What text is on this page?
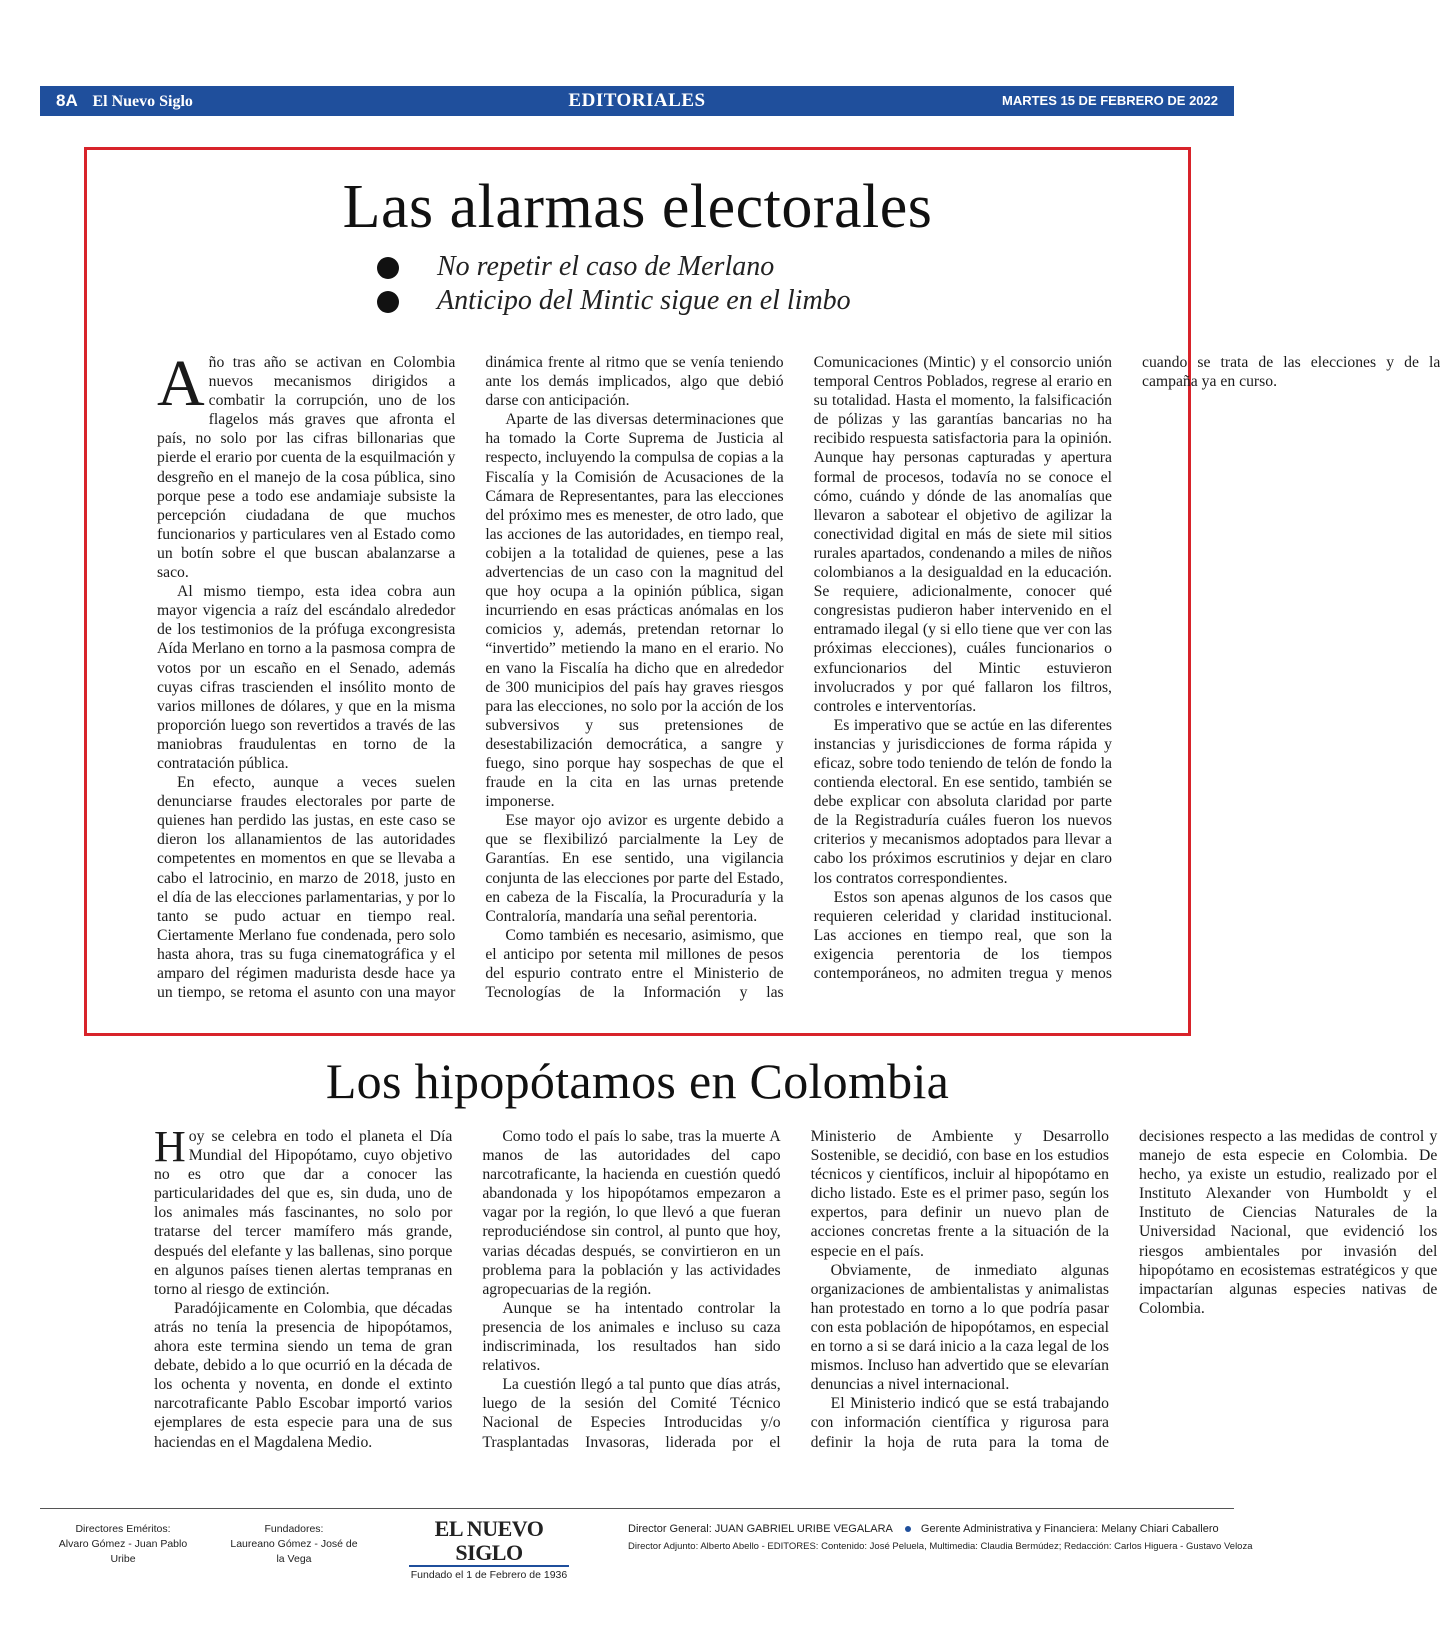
8A El Nuevo Siglo	EDITORIALES	MARTES 15 DE FEBRERO DE 2022
Las alarmas electorales
No repetir el caso de Merlano
Anticipo del Mintic sigue en el limbo

Año tras año se activan en Colombia nuevos mecanismos dirigidos a combatir la corrupción, uno de los flagelos más graves que afronta el país, no solo por las cifras billonarias que pierde el erario por cuenta de la esquilmación y desgreño en el manejo de la cosa pública, sino porque pese a todo ese andamiaje subsiste la percepción ciudadana de que muchos funcionarios y particulares ven al Estado como un botín sobre el que buscan abalanzarse a saco.

Al mismo tiempo, esta idea cobra aun mayor vigencia a raíz del escándalo alrededor de los testimonios de la prófuga excongresista Aída Merlano en torno a la pasmosa compra de votos por un escaño en el Senado, además cuyas cifras trascienden el insólito monto de varios millones de dólares, y que en la misma proporción luego son revertidos a través de las maniobras fraudulentas en torno de la contratación pública.

En efecto, aunque a veces suelen denunciarse fraudes electorales por parte de quienes han perdido las justas, en este caso se dieron los allanamientos de las autoridades competentes en momentos en que se llevaba a cabo el latrocinio, en marzo de 2018, justo en el día de las elecciones parlamentarias, y por lo tanto se pudo actuar en tiempo real. Ciertamente Merlano fue condenada, pero solo hasta ahora, tras su fuga cinematográfica y el amparo del régimen madurista desde hace ya un tiempo, se retoma el asunto con una mayor dinámica frente al ritmo que se venía teniendo ante los demás implicados, algo que debió darse con anticipación.

Aparte de las diversas determinaciones que ha tomado la Corte Suprema de Justicia al respecto, incluyendo la compulsa de copias a la Fiscalía y la Comisión de Acusaciones de la Cámara de Representantes, para las elecciones del próximo mes es menester, de otro lado, que las acciones de las autoridades, en tiempo real, cobijen a la totalidad de quienes, pese a las advertencias de un caso con la magnitud del que hoy ocupa a la opinión pública, sigan incurriendo en esas prácticas anómalas en los comicios y, además, pretendan retornar lo “invertido” metiendo la mano en el erario. No en vano la Fiscalía ha dicho que en alrededor de 300 municipios del país hay graves riesgos para las elecciones, no solo por la acción de los subversivos y sus pretensiones de desestabilización democrática, a sangre y fuego, sino porque hay sospechas de que el fraude en la cita en las urnas pretende imponerse.

Ese mayor ojo avizor es urgente debido a que se flexibilizó parcialmente la Ley de Garantías. En ese sentido, una vigilancia conjunta de las elecciones por parte del Estado, en cabeza de la Fiscalía, la Procuraduría y la Contraloría, mandaría una señal perentoria.

Como también es necesario, asimismo, que el anticipo por setenta mil millones de pesos del espurio contrato entre el Ministerio de Tecnologías de la Información y las Comunicaciones (Mintic) y el consorcio unión temporal Centros Poblados, regrese al erario en su totalidad. Hasta el momento, la falsificación de pólizas y las garantías bancarias no ha recibido respuesta satisfactoria para la opinión. Aunque hay personas capturadas y apertura formal de procesos, todavía no se conoce el cómo, cuándo y dónde de las anomalías que llevaron a sabotear el objetivo de agilizar la conectividad digital en más de siete mil sitios rurales apartados, condenando a miles de niños colombianos a la desigualdad en la educación. Se requiere, adicionalmente, conocer qué congresistas pudieron haber intervenido en el entramado ilegal (y si ello tiene que ver con las próximas elecciones), cuáles funcionarios o exfuncionarios del Mintic estuvieron involucrados y por qué fallaron los filtros, controles e interventorías.

Es imperativo que se actúe en las diferentes instancias y jurisdicciones de forma rápida y eficaz, sobre todo teniendo de telón de fondo la contienda electoral. En ese sentido, también se debe explicar con absoluta claridad por parte de la Registraduría cuáles fueron los nuevos criterios y mecanismos adoptados para llevar a cabo los próximos escrutinios y dejar en claro los contratos correspondientes.

Estos son apenas algunos de los casos que requieren celeridad y claridad institucional. Las acciones en tiempo real, que son la exigencia perentoria de los tiempos contemporáneos, no admiten tregua y menos cuando se trata de las elecciones y de la campaña ya en curso.

Los hipopótamos en Colombia

Hoy se celebra en todo el planeta el Día Mundial del Hipopótamo, cuyo objetivo no es otro que dar a conocer las particularidades del que es, sin duda, uno de los animales más fascinantes, no solo por tratarse del tercer mamífero más grande, después del elefante y las ballenas, sino porque en algunos países tienen alertas tempranas en torno al riesgo de extinción.

Paradójicamente en Colombia, que décadas atrás no tenía la presencia de hipopótamos, ahora este termina siendo un tema de gran debate, debido a lo que ocurrió en la década de los ochenta y noventa, en donde el extinto narcotraficante Pablo Escobar importó varios ejemplares de esta especie para una de sus haciendas en el Magdalena Medio.

Como todo el país lo sabe, tras la muerte A manos de las autoridades del capo narcotraficante, la hacienda en cuestión quedó abandonada y los hipopótamos empezaron a vagar por la región, lo que llevó a que fueran reproduciéndose sin control, al punto que hoy, varias décadas después, se convirtieron en un problema para la población y las actividades agropecuarias de la región.

Aunque se ha intentado controlar la presencia de los animales e incluso su caza indiscriminada, los resultados han sido relativos.

La cuestión llegó a tal punto que días atrás, luego de la sesión del Comité Técnico Nacional de Especies Introducidas y/o Trasplantadas Invasoras, liderada por el Ministerio de Ambiente y Desarrollo Sostenible, se decidió, con base en los estudios técnicos y científicos, incluir al hipopótamo en dicho listado. Este es el primer paso, según los expertos, para definir un nuevo plan de acciones concretas frente a la situación de la especie en el país.

Obviamente, de inmediato algunas organizaciones de ambientalistas y animalistas han protestado en torno a lo que podría pasar con esta población de hipopótamos, en especial en torno a si se dará inicio a la caza legal de los mismos. Incluso han advertido que se elevarían denuncias a nivel internacional.

El Ministerio indicó que se está trabajando con información científica y rigurosa para definir la hoja de ruta para la toma de decisiones respecto a las medidas de control y manejo de esta especie en Colombia. De hecho, ya existe un estudio, realizado por el Instituto Alexander von Humboldt y el Instituto de Ciencias Naturales de la Universidad Nacional, que evidenció los riesgos ambientales por invasión del hipopótamo en ecosistemas estratégicos y que impactarían algunas especies nativas de Colombia.

Directores Eméritos:
Alvaro Gómez - Juan Pablo Uribe
Fundadores:
Laureano Gómez - José de la Vega
EL NUEVO SIGLO
Fundado el 1 de Febrero de 1936
Director General: JUAN GABRIEL URIBE VEGALARA	Gerente Administrativa y Financiera: Melany Chiari Caballero
Director Adjunto: Alberto Abello - EDITORES: Contenido: José Peluela, Multimedia: Claudia Bermúdez; Redacción: Carlos Higuera - Gustavo Veloza
